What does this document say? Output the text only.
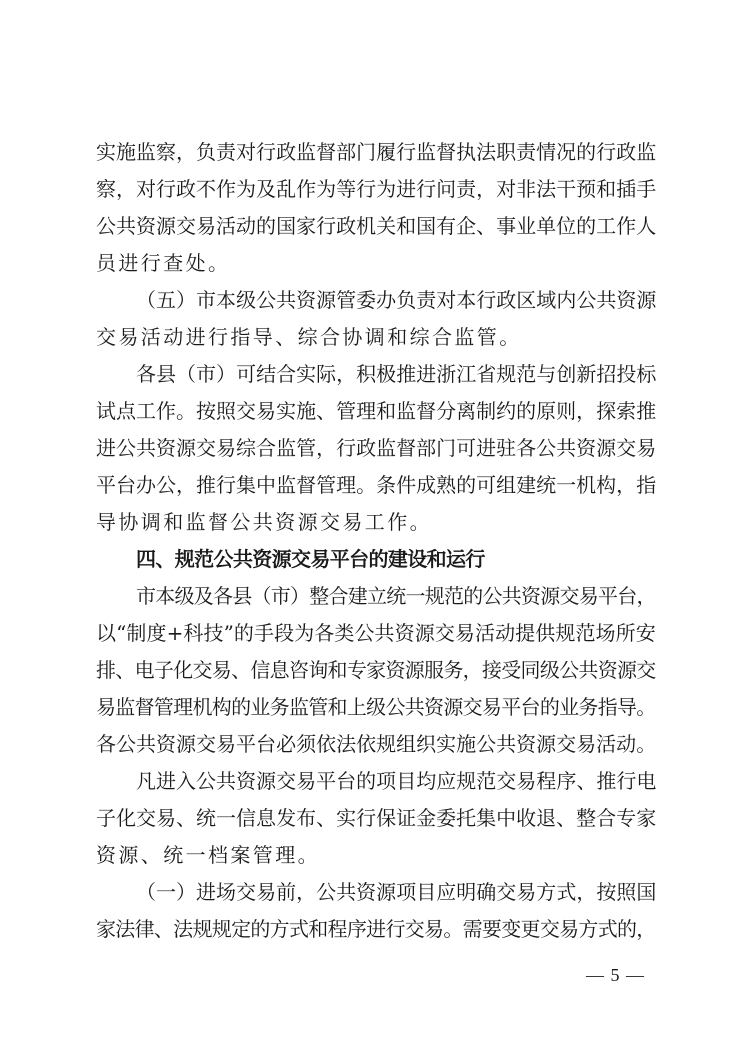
实施监察，负责对行政监督部门履行监督执法职责情况的行政监
察，对行政不作为及乱作为等行为进行问责，对非法干预和插手
公共资源交易活动的国家行政机关和国有企、事业单位的工作人
员进行查处。
（五）市本级公共资源管委办负责对本行政区域内公共资源
交易活动进行指导、综合协调和综合监管。
各县（市）可结合实际，积极推进浙江省规范与创新招投标
试点工作。按照交易实施、管理和监督分离制约的原则，探索推
进公共资源交易综合监管，行政监督部门可进驻各公共资源交易
平台办公，推行集中监督管理。条件成熟的可组建统一机构，指
导协调和监督公共资源交易工作。
四、规范公共资源交易平台的建设和运行
市本级及各县（市）整合建立统一规范的公共资源交易平台，
以“制度+科技”的手段为各类公共资源交易活动提供规范场所安
排、电子化交易、信息咨询和专家资源服务，接受同级公共资源交
易监督管理机构的业务监管和上级公共资源交易平台的业务指导。
各公共资源交易平台必须依法依规组织实施公共资源交易活动。
凡进入公共资源交易平台的项目均应规范交易程序、推行电
子化交易、统一信息发布、实行保证金委托集中收退、整合专家
资源、统一档案管理。
（一）进场交易前，公共资源项目应明确交易方式，按照国
家法律、法规规定的方式和程序进行交易。需要变更交易方式的，
— 5 —
